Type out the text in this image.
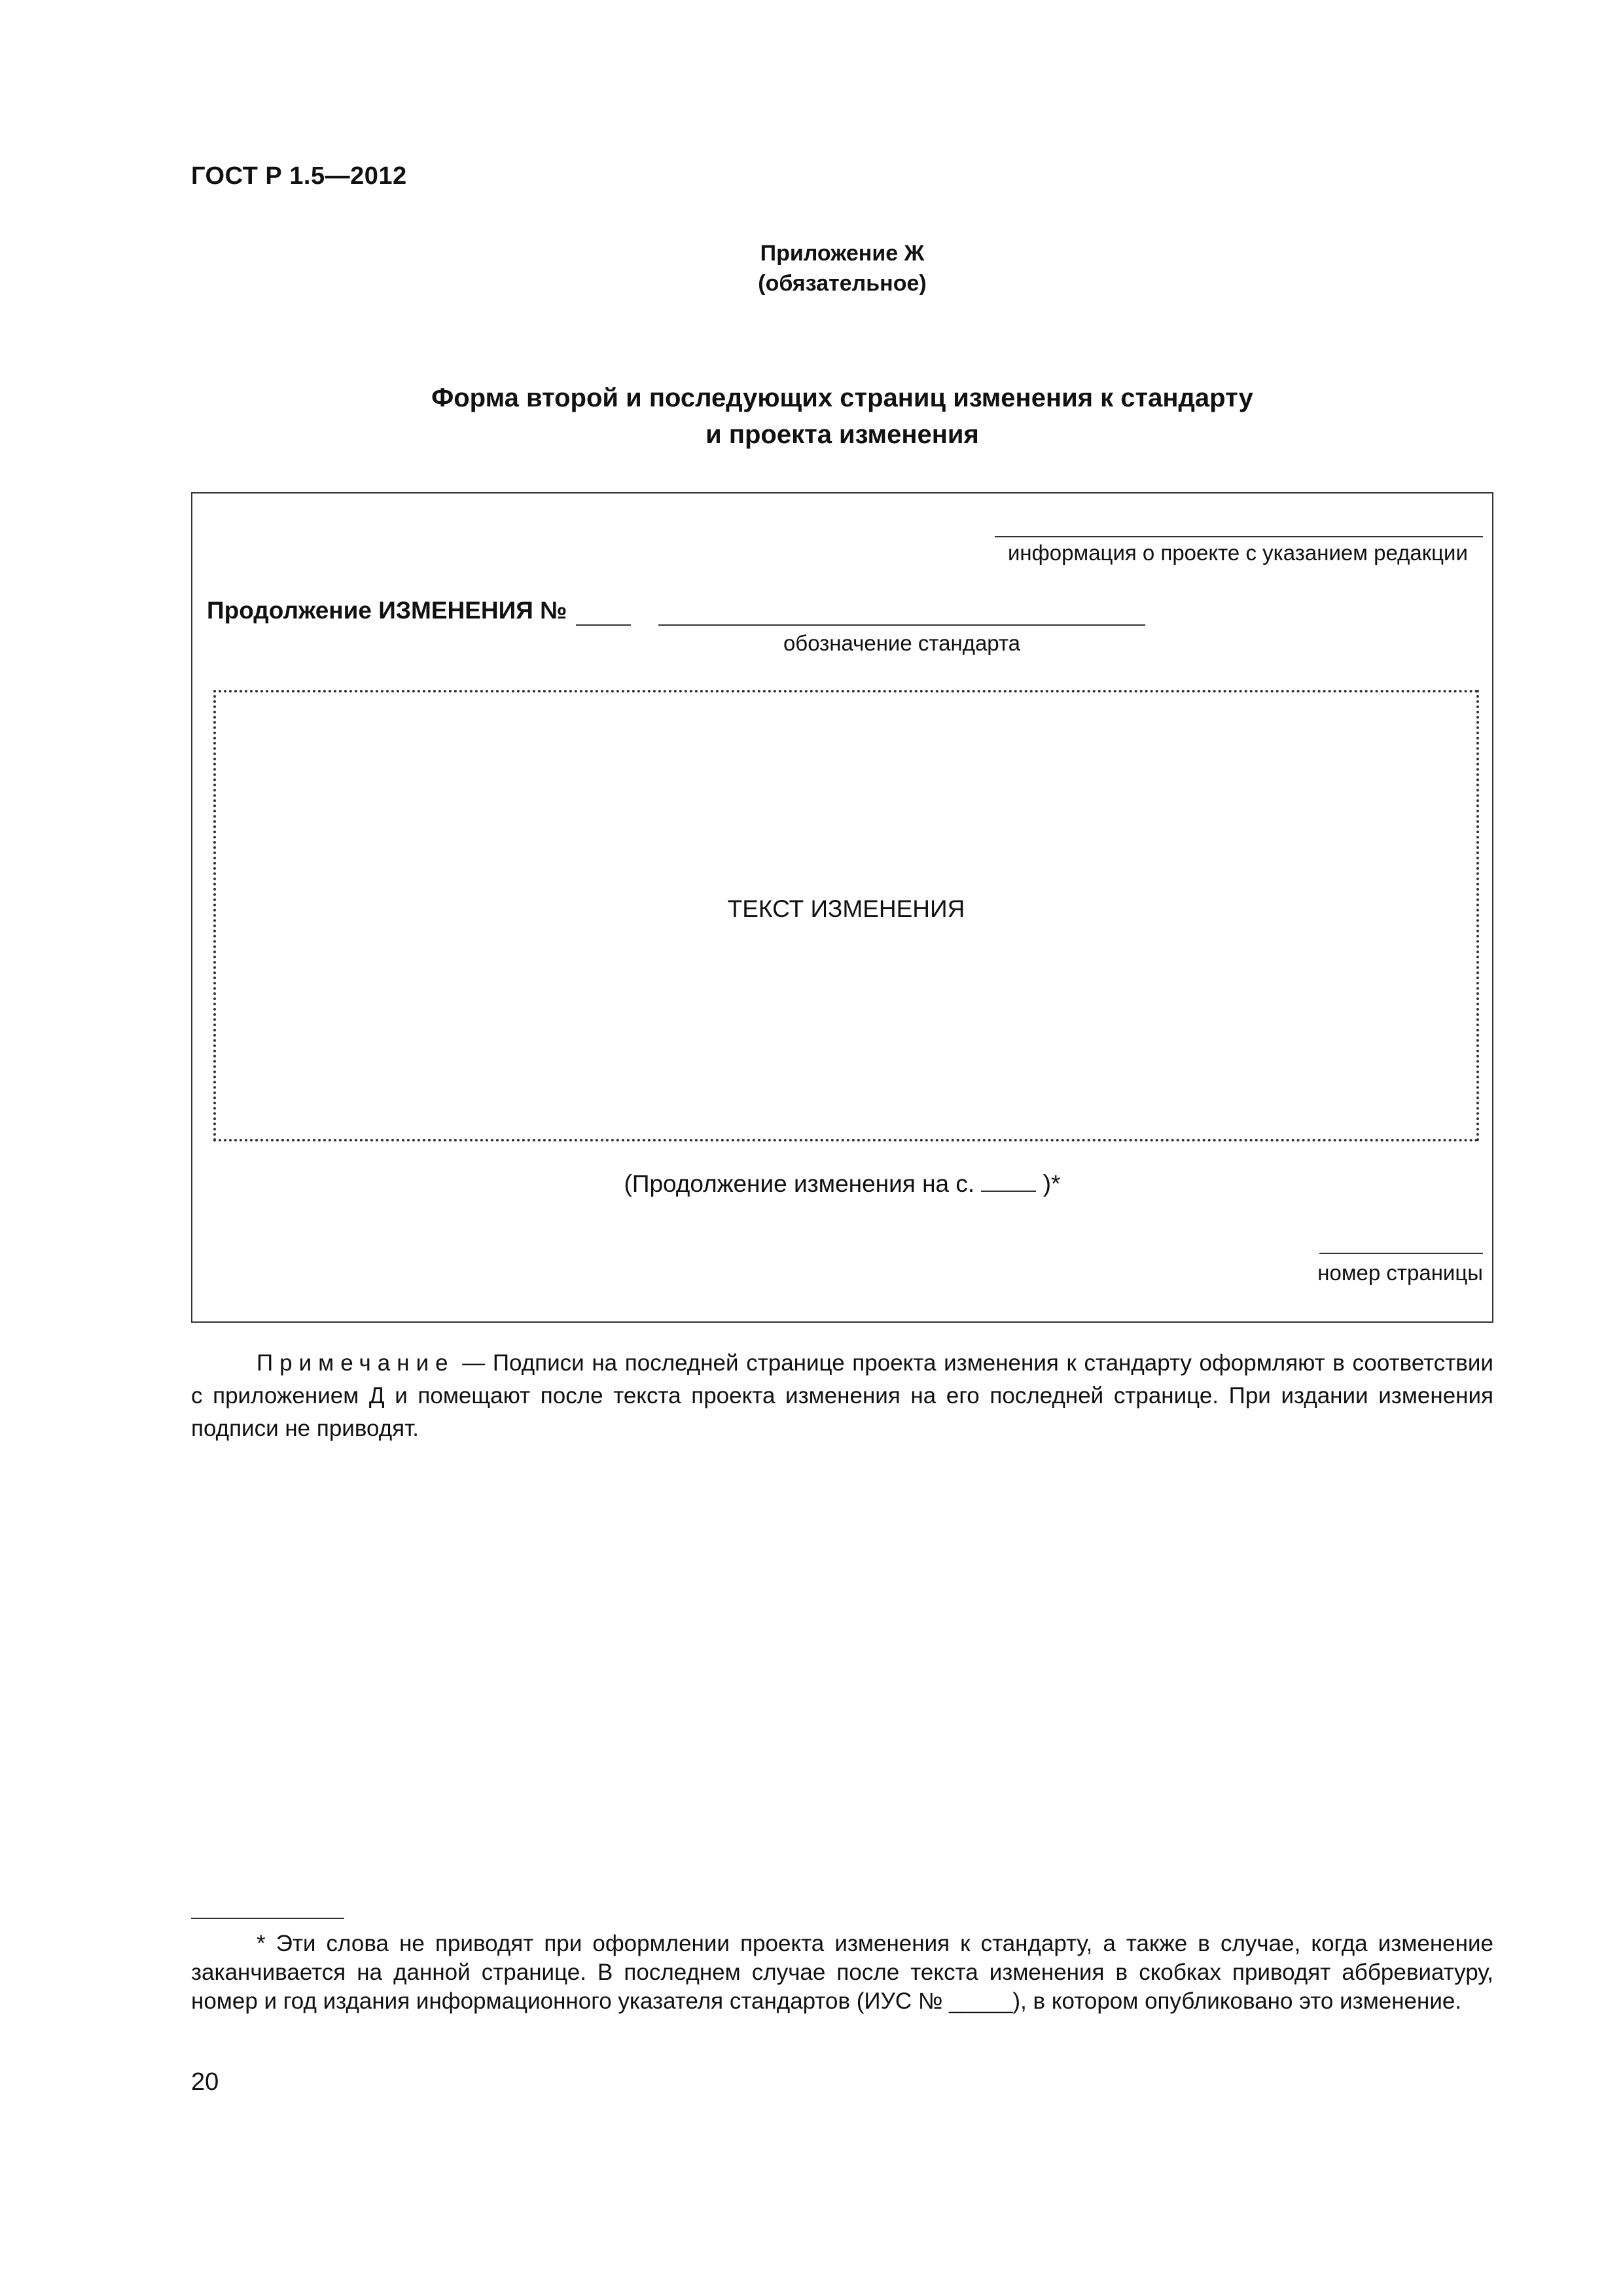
ГОСТ Р 1.5—2012
Приложение Ж
(обязательное)
Форма второй и последующих страниц изменения к стандарту
и проекта изменения
информация о проекте с указанием редакции
Продолжение ИЗМЕНЕНИЯ №
обозначение стандарта
ТЕКСТ ИЗМЕНЕНИЯ
(Продолжение изменения на с.	)*
номер страницы
Примечание — Подписи на последней странице проекта изменения к стандарту оформляют в соответствии с приложением Д и помещают после текста проекта изменения на его последней странице. При издании изменения подписи не приводят.
* Эти слова не приводят при оформлении проекта изменения к стандарту, а также в случае, когда изменение заканчивается на данной странице. В последнем случае после текста изменения в скобках приводят аббревиатуру, номер и год издания информационного указателя стандартов (ИУС № _____), в котором опубликовано это изменение.
20
